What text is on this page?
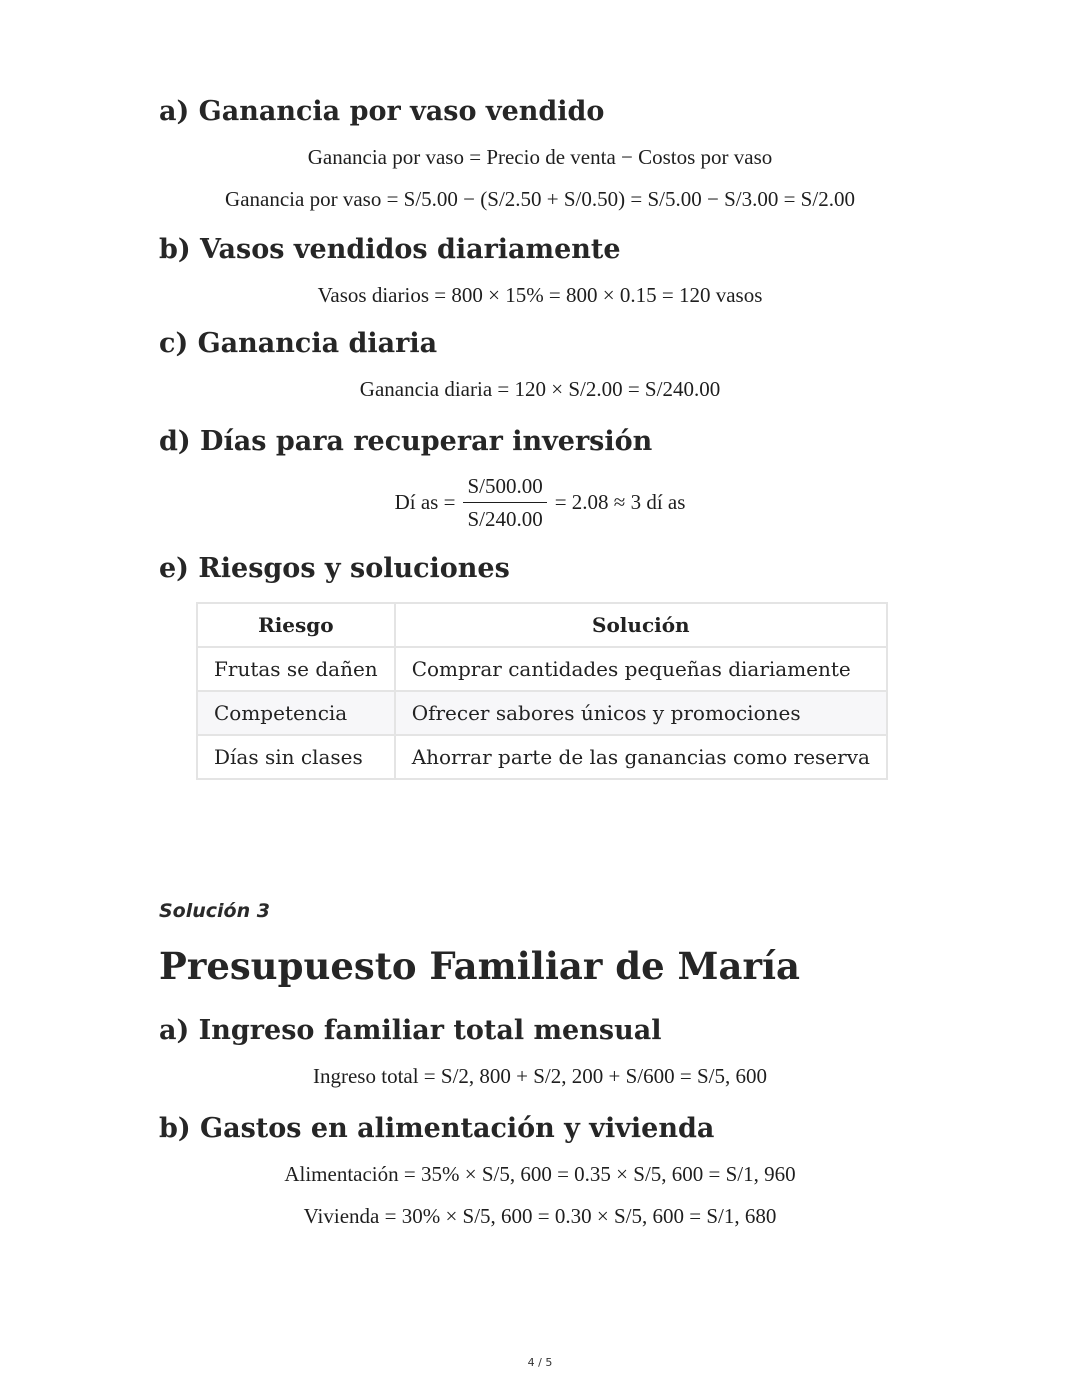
a) Ganancia por vaso vendido
Ganancia por vaso = Precio de venta − Costos por vaso
Ganancia por vaso = S/5.00 − (S/2.50 + S/0.50) = S/5.00 − S/3.00 = S/2.00
b) Vasos vendidos diariamente
Vasos diarios = 800 × 15% = 800 × 0.15 = 120 vasos
c) Ganancia diaria
Ganancia diaria = 120 × S/2.00 = S/240.00
d) Días para recuperar inversión
Dí as = $\frac{S/500.00}{S/240.00} = 2.08 \approx 3$ dí as
e) Riesgos y soluciones
Riesgo	Solución
Frutas se dañen	Comprar cantidades pequeñas diariamente
Competencia	Ofrecer sabores únicos y promociones
Días sin clases	Ahorrar parte de las ganancias como reserva
Solución 3
Presupuesto Familiar de María
a) Ingreso familiar total mensual
Ingreso total = S/2, 800 + S/2, 200 + S/600 = S/5, 600
b) Gastos en alimentación y vivienda
Alimentación = 35% × S/5, 600 = 0.35 × S/5, 600 = S/1, 960
Vivienda = 30% × S/5, 600 = 0.30 × S/5, 600 = S/1, 680
4 / 5
